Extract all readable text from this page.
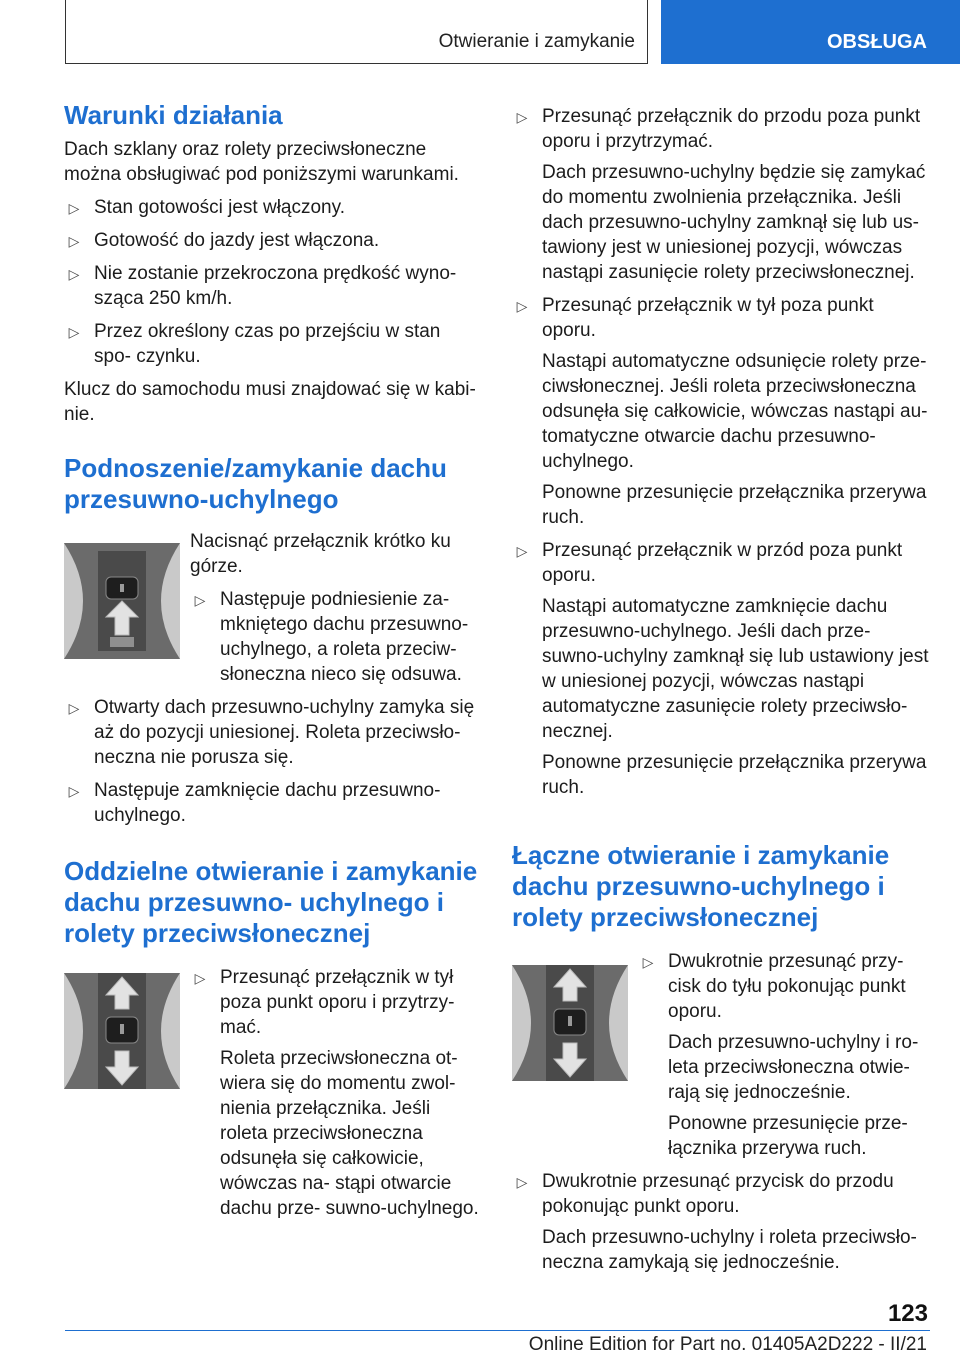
Otwieranie i zamykanie	OBSŁUGA
Warunki działania

Dach szklany oraz rolety przeciwsłoneczne można obsługiwać pod poniższymi warunkami.

▷ Stan gotowości jest włączony.

▷ Gotowość do jazdy jest włączona.

▷ Nie zostanie przekroczona prędkość wyno‐ sząca 250 km/h.

▷ Przez określony czas po przejściu w stan spo‐ czynku.

Klucz do samochodu musi znajdować się w kabi‐ nie.

Podnoszenie/zamykanie dachu przesuwno-uchylnego

Nacisnąć przełącznik krótko ku górze.

▷ Następuje podniesienie za‐ mkniętego dachu przesuwno- uchylnego, a roleta przeciw‐ słoneczna nieco się odsuwa.

▷ Otwarty dach przesuwno-uchylny zamyka się aż do pozycji uniesionej. Roleta przeciwsło‐ neczna nie porusza się.

▷ Następuje zamknięcie dachu przesuwno- uchylnego.

Oddzielne otwieranie i zamykanie dachu przesuwno- uchylnego i rolety przeciwsłonecznej

▷ Przesunąć przełącznik w tył poza punkt oporu i przytrzy‐ mać.

Roleta przeciwsłoneczna ot‐ wiera się do momentu zwol‐ nienia przełącznika. Jeśli roleta przeciwsłoneczna odsunęła się całkowicie, wówczas na‐ stąpi otwarcie dachu prze‐ suwno-uchylnego.

▷ Przesunąć przełącznik do przodu poza punkt oporu i przytrzymać.

Dach przesuwno-uchylny będzie się zamykać do momentu zwolnienia przełącznika. Jeśli dach przesuwno-uchylny zamknął się lub us‐ tawiony jest w uniesionej pozycji, wówczas nastąpi zasunięcie rolety przeciwsłonecznej.

▷ Przesunąć przełącznik w tył poza punkt oporu.

Nastąpi automatyczne odsunięcie rolety prze‐ ciwsłonecznej. Jeśli roleta przeciwsłoneczna odsunęła się całkowicie, wówczas nastąpi au‐ tomatyczne otwarcie dachu przesuwno- uchylnego.

Ponowne przesunięcie przełącznika przerywa ruch.

▷ Przesunąć przełącznik w przód poza punkt oporu.

Nastąpi automatyczne zamknięcie dachu przesuwno-uchylnego. Jeśli dach prze‐ suwno-uchylny zamknął się lub ustawiony jest w uniesionej pozycji, wówczas nastąpi automatyczne zasunięcie rolety przeciwsło‐ necznej.

Ponowne przesunięcie przełącznika przerywa ruch.

Łączne otwieranie i zamykanie dachu przesuwno-uchylnego i rolety przeciwsłonecznej

▷ Dwukrotnie przesunąć przy‐ cisk do tyłu pokonując punkt oporu.

Dach przesuwno-uchylny i ro‐ leta przeciwsłoneczna otwie‐ rają się jednocześnie.

Ponowne przesunięcie prze‐ łącznika przerywa ruch.

▷ Dwukrotnie przesunąć przycisk do przodu pokonując punkt oporu.

Dach przesuwno-uchylny i roleta przeciwsło‐ neczna zamykają się jednocześnie.

123
Online Edition for Part no. 01405A2D222 - II/21
